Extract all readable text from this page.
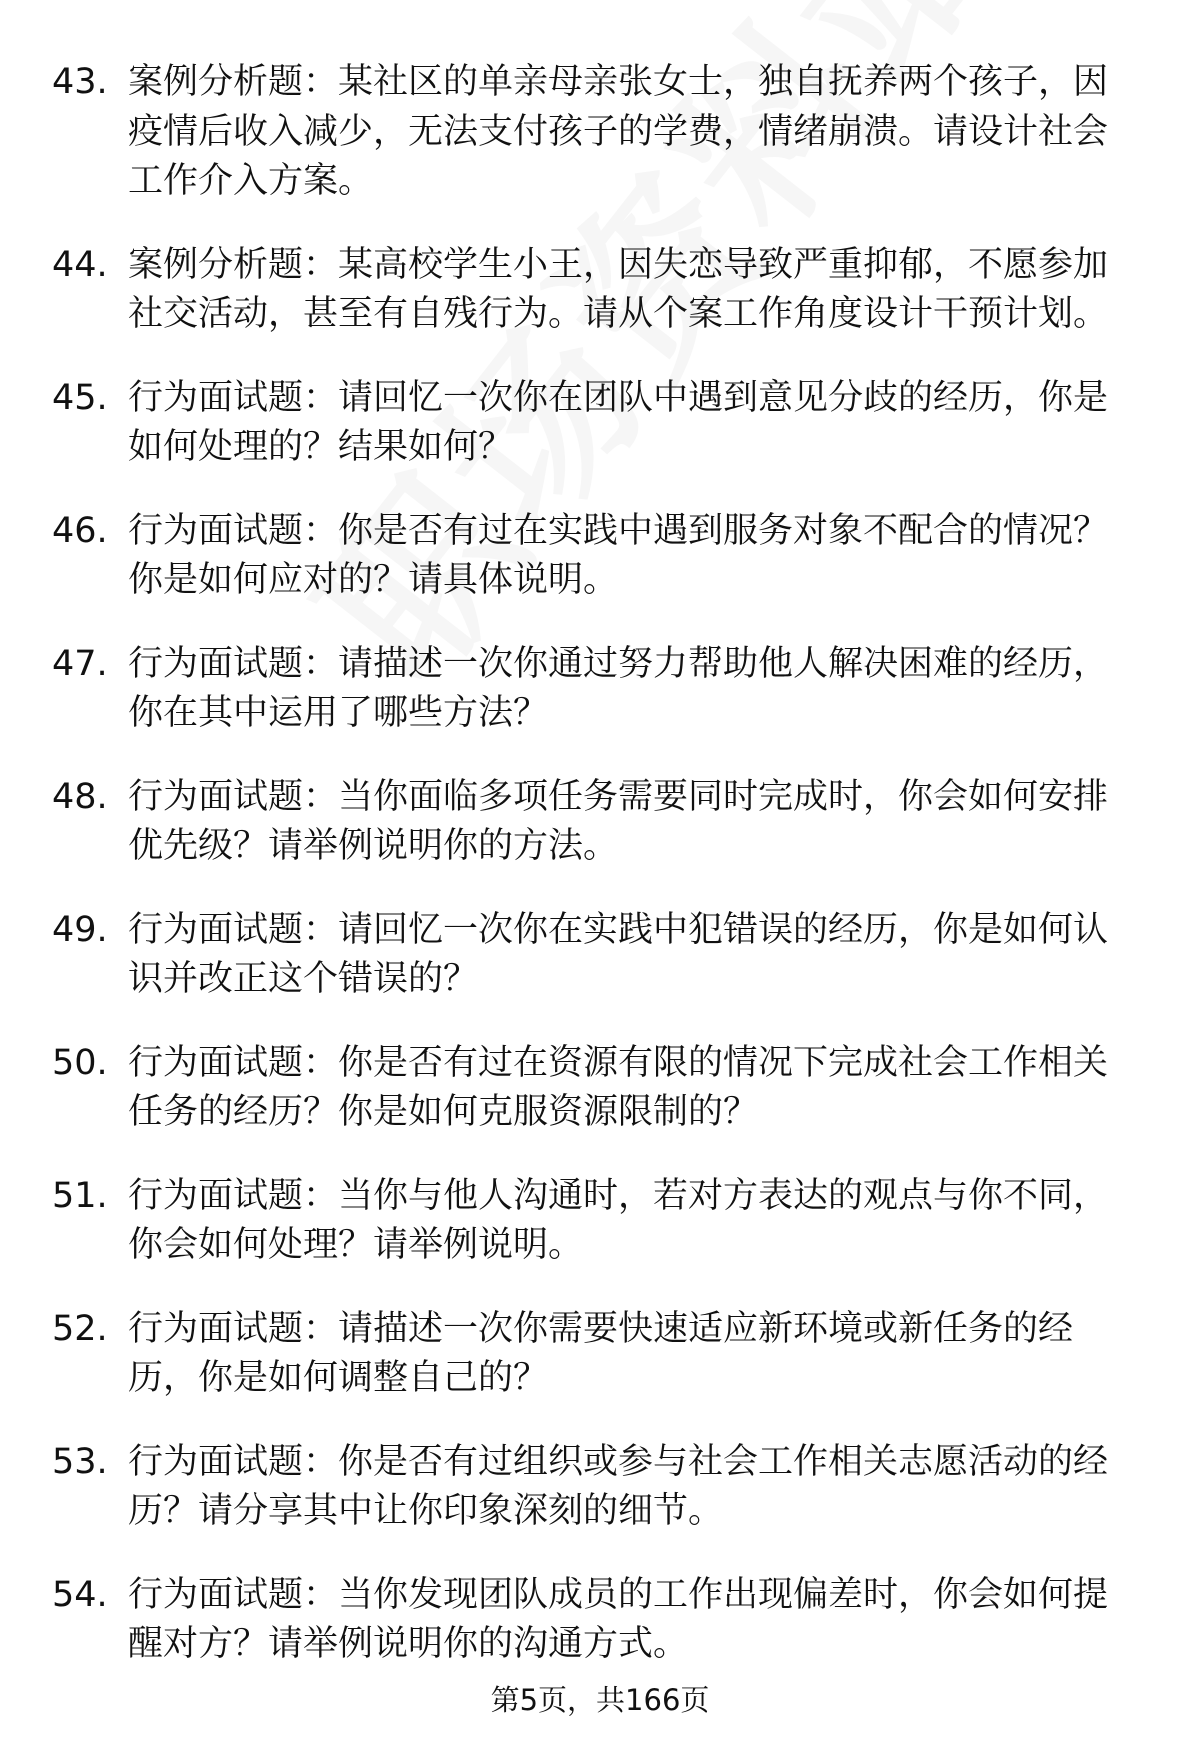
43. 案例分析题：某社区的单亲母亲张女士，独自抚养两个孩子，因疫情后收入减少，无法支付孩子的学费，情绪崩溃。请设计社会工作介入方案。
44. 案例分析题：某高校学生小王，因失恋导致严重抑郁，不愿参加社交活动，甚至有自残行为。请从个案工作角度设计干预计划。
45. 行为面试题：请回忆一次你在团队中遇到意见分歧的经历，你是如何处理的？结果如何？
46. 行为面试题：你是否有过在实践中遇到服务对象不配合的情况？你是如何应对的？请具体说明。
47. 行为面试题：请描述一次你通过努力帮助他人解决困难的经历，你在其中运用了哪些方法？
48. 行为面试题：当你面临多项任务需要同时完成时，你会如何安排优先级？请举例说明你的方法。
49. 行为面试题：请回忆一次你在实践中犯错误的经历，你是如何认识并改正这个错误的？
50. 行为面试题：你是否有过在资源有限的情况下完成社会工作相关任务的经历？你是如何克服资源限制的？
51. 行为面试题：当你与他人沟通时，若对方表达的观点与你不同，你会如何处理？请举例说明。
52. 行为面试题：请描述一次你需要快速适应新环境或新任务的经历，你是如何调整自己的？
53. 行为面试题：你是否有过组织或参与社会工作相关志愿活动的经历？请分享其中让你印象深刻的细节。
54. 行为面试题：当你发现团队成员的工作出现偏差时，你会如何提醒对方？请举例说明你的沟通方式。
第5页，共166页
